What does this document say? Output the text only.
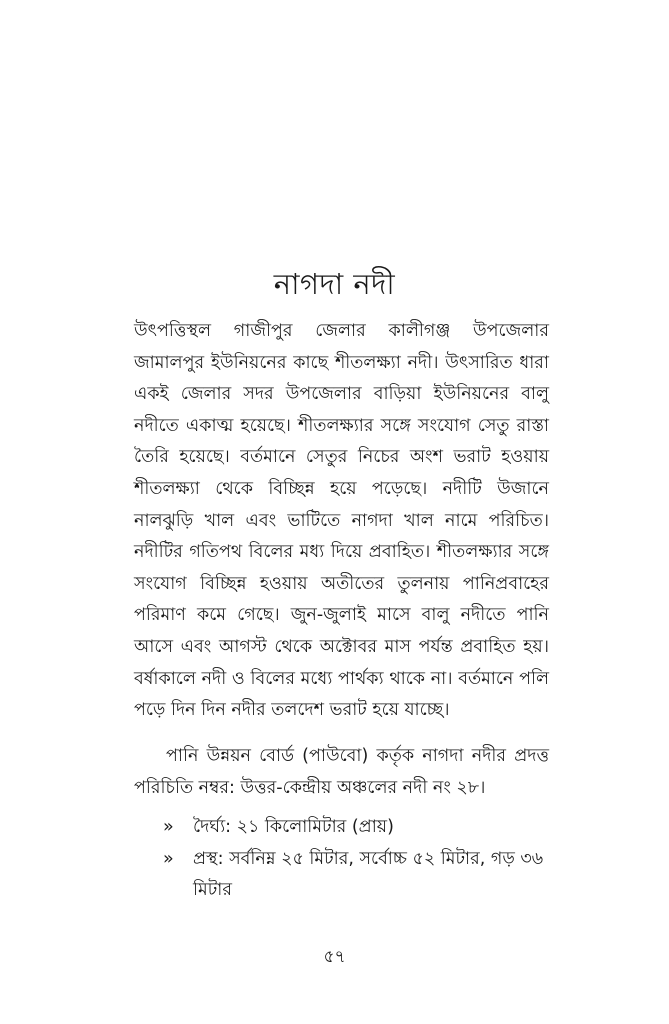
নাগদা নদী

উৎপত্তিস্থল গাজীপুর জেলার কালীগঞ্জ উপজেলার জামালপুর ইউনিয়নের কাছে শীতলক্ষ্যা নদী। উৎসারিত ধারা একই জেলার সদর উপজেলার বাড়িয়া ইউনিয়নের বালু নদীতে একাত্ম হয়েছে। শীতলক্ষ্যার সঙ্গে সংযোগ সেতু রাস্তা তৈরি হয়েছে। বর্তমানে সেতুর নিচের অংশ ভরাট হওয়ায় শীতলক্ষ্যা থেকে বিচ্ছিন্ন হয়ে পড়েছে। নদীটি উজানে নালঝুড়ি খাল এবং ভাটিতে নাগদা খাল নামে পরিচিত। নদীটির গতিপথ বিলের মধ্য দিয়ে প্রবাহিত। শীতলক্ষ্যার সঙ্গে সংযোগ বিচ্ছিন্ন হওয়ায় অতীতের তুলনায় পানিপ্রবাহের পরিমাণ কমে গেছে। জুন-জুলাই মাসে বালু নদীতে পানি আসে এবং আগস্ট থেকে অক্টোবর মাস পর্যন্ত প্রবাহিত হয়। বর্ষাকালে নদী ও বিলের মধ্যে পার্থক্য থাকে না। বর্তমানে পলি পড়ে দিন দিন নদীর তলদেশ ভরাট হয়ে যাচ্ছে।

পানি উন্নয়ন বোর্ড (পাউবো) কর্তৃক নাগদা নদীর প্রদত্ত পরিচিতি নম্বর: উত্তর-কেন্দ্রীয় অঞ্চলের নদী নং ২৮।

» দৈর্ঘ্য: ২১ কিলোমিটার (প্রায়)
» প্রস্থ: সর্বনিম্ন ২৫ মিটার, সর্বোচ্চ ৫২ মিটার, গড় ৩৬ মিটার
৫৭
